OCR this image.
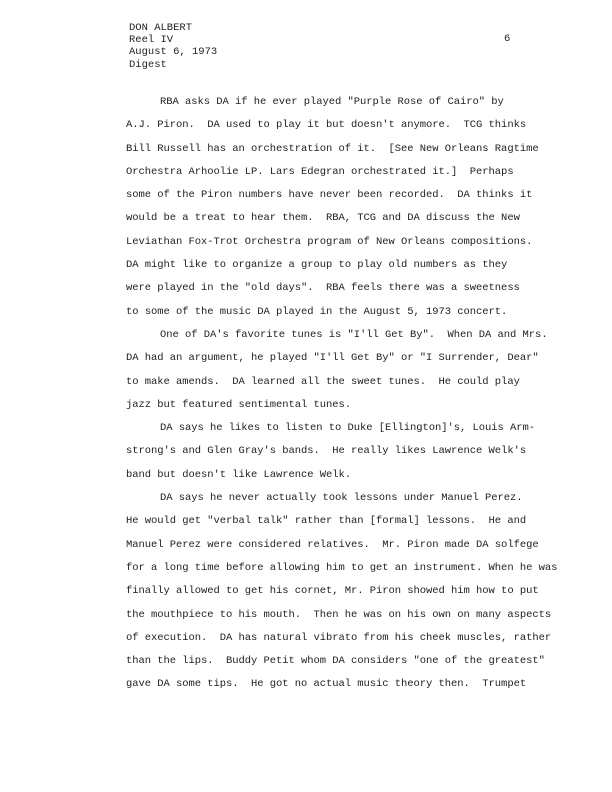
DON ALBERT
Reel IV
August 6, 1973
Digest
6
RBA asks DA if he ever played "Purple Rose of Cairo" by
A.J. Piron.  DA used to play it but doesn't anymore.  TCG thinks
Bill Russell has an orchestration of it.  [See New Orleans Ragtime
Orchestra Arhoolie LP. Lars Edegran orchestrated it.]  Perhaps
some of the Piron numbers have never been recorded.  DA thinks it
would be a treat to hear them.  RBA, TCG and DA discuss the New
Leviathan Fox-Trot Orchestra program of New Orleans compositions.
DA might like to organize a group to play old numbers as they
were played in the "old days".  RBA feels there was a sweetness
to some of the music DA played in the August 5, 1973 concert.
One of DA's favorite tunes is "I'll Get By".  When DA and Mrs.
DA had an argument, he played "I'll Get By" or "I Surrender, Dear"
to make amends.  DA learned all the sweet tunes.  He could play
jazz but featured sentimental tunes.
DA says he likes to listen to Duke [Ellington]'s, Louis Arm-
strong's and Glen Gray's bands.  He really likes Lawrence Welk's
band but doesn't like Lawrence Welk.
DA says he never actually took lessons under Manuel Perez.
He would get "verbal talk" rather than [formal] lessons.  He and
Manuel Perez were considered relatives.  Mr. Piron made DA solfege
for a long time before allowing him to get an instrument. When he was
finally allowed to get his cornet, Mr. Piron showed him how to put
the mouthpiece to his mouth.  Then he was on his own on many aspects
of execution.  DA has natural vibrato from his cheek muscles, rather
than the lips.  Buddy Petit whom DA considers "one of the greatest"
gave DA some tips.  He got no actual music theory then.  Trumpet
